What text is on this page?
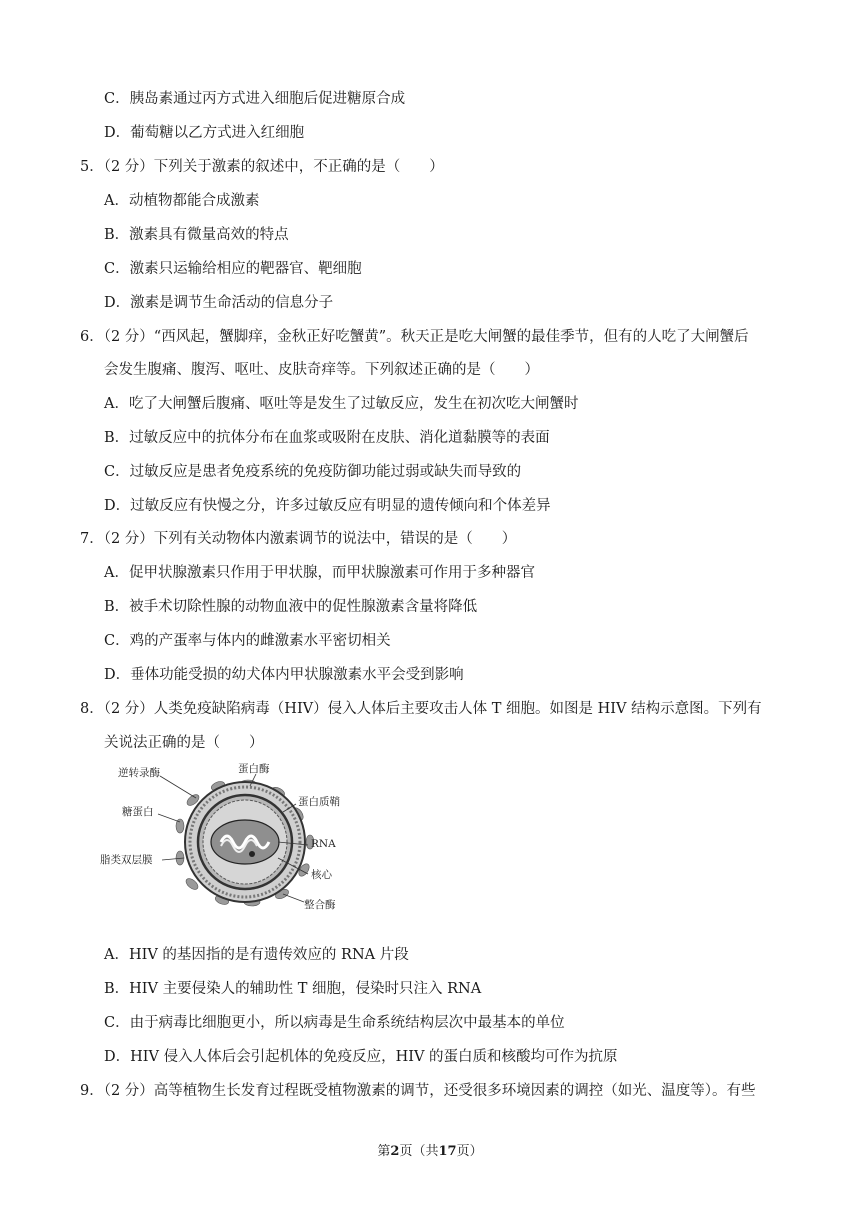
C．胰岛素通过丙方式进入细胞后促进糖原合成
D．葡萄糖以乙方式进入红细胞
5．（2 分）下列关于激素的叙述中，不正确的是（　　）
A．动植物都能合成激素
B．激素具有微量高效的特点
C．激素只运输给相应的靶器官、靶细胞
D．激素是调节生命活动的信息分子
6．（2 分）“西风起，蟹脚痒，金秋正好吃蟹黄”。秋天正是吃大闸蟹的最佳季节，但有的人吃了大闸蟹后
会发生腹痛、腹泻、呕吐、皮肤奇痒等。下列叙述正确的是（　　）
A．吃了大闸蟹后腹痛、呕吐等是发生了过敏反应，发生在初次吃大闸蟹时
B．过敏反应中的抗体分布在血浆或吸附在皮肤、消化道黏膜等的表面
C．过敏反应是患者免疫系统的免疫防御功能过弱或缺失而导致的
D．过敏反应有快慢之分，许多过敏反应有明显的遗传倾向和个体差异
7．（2 分）下列有关动物体内激素调节的说法中，错误的是（　　）
A．促甲状腺激素只作用于甲状腺，而甲状腺激素可作用于多种器官
B．被手术切除性腺的动物血液中的促性腺激素含量将降低
C．鸡的产蛋率与体内的雌激素水平密切相关
D．垂体功能受损的幼犬体内甲状腺激素水平会受到影响
8．（2 分）人类免疫缺陷病毒（HIV）侵入人体后主要攻击人体 T 细胞。如图是 HIV 结构示意图。下列有
关说法正确的是（　　）
逆转录酶	蛋白酶
糖蛋白
蛋白质鞘
RNA
脂类双层膜
核心
整合酶
A．HIV 的基因指的是有遗传效应的 RNA 片段
B．HIV 主要侵染人的辅助性 T 细胞，侵染时只注入 RNA
C．由于病毒比细胞更小，所以病毒是生命系统结构层次中最基本的单位
D．HIV 侵入人体后会引起机体的免疫反应，HIV 的蛋白质和核酸均可作为抗原
9．（2 分）高等植物生长发育过程既受植物激素的调节，还受很多环境因素的调控（如光、温度等）。有些
第2页（共17页）
